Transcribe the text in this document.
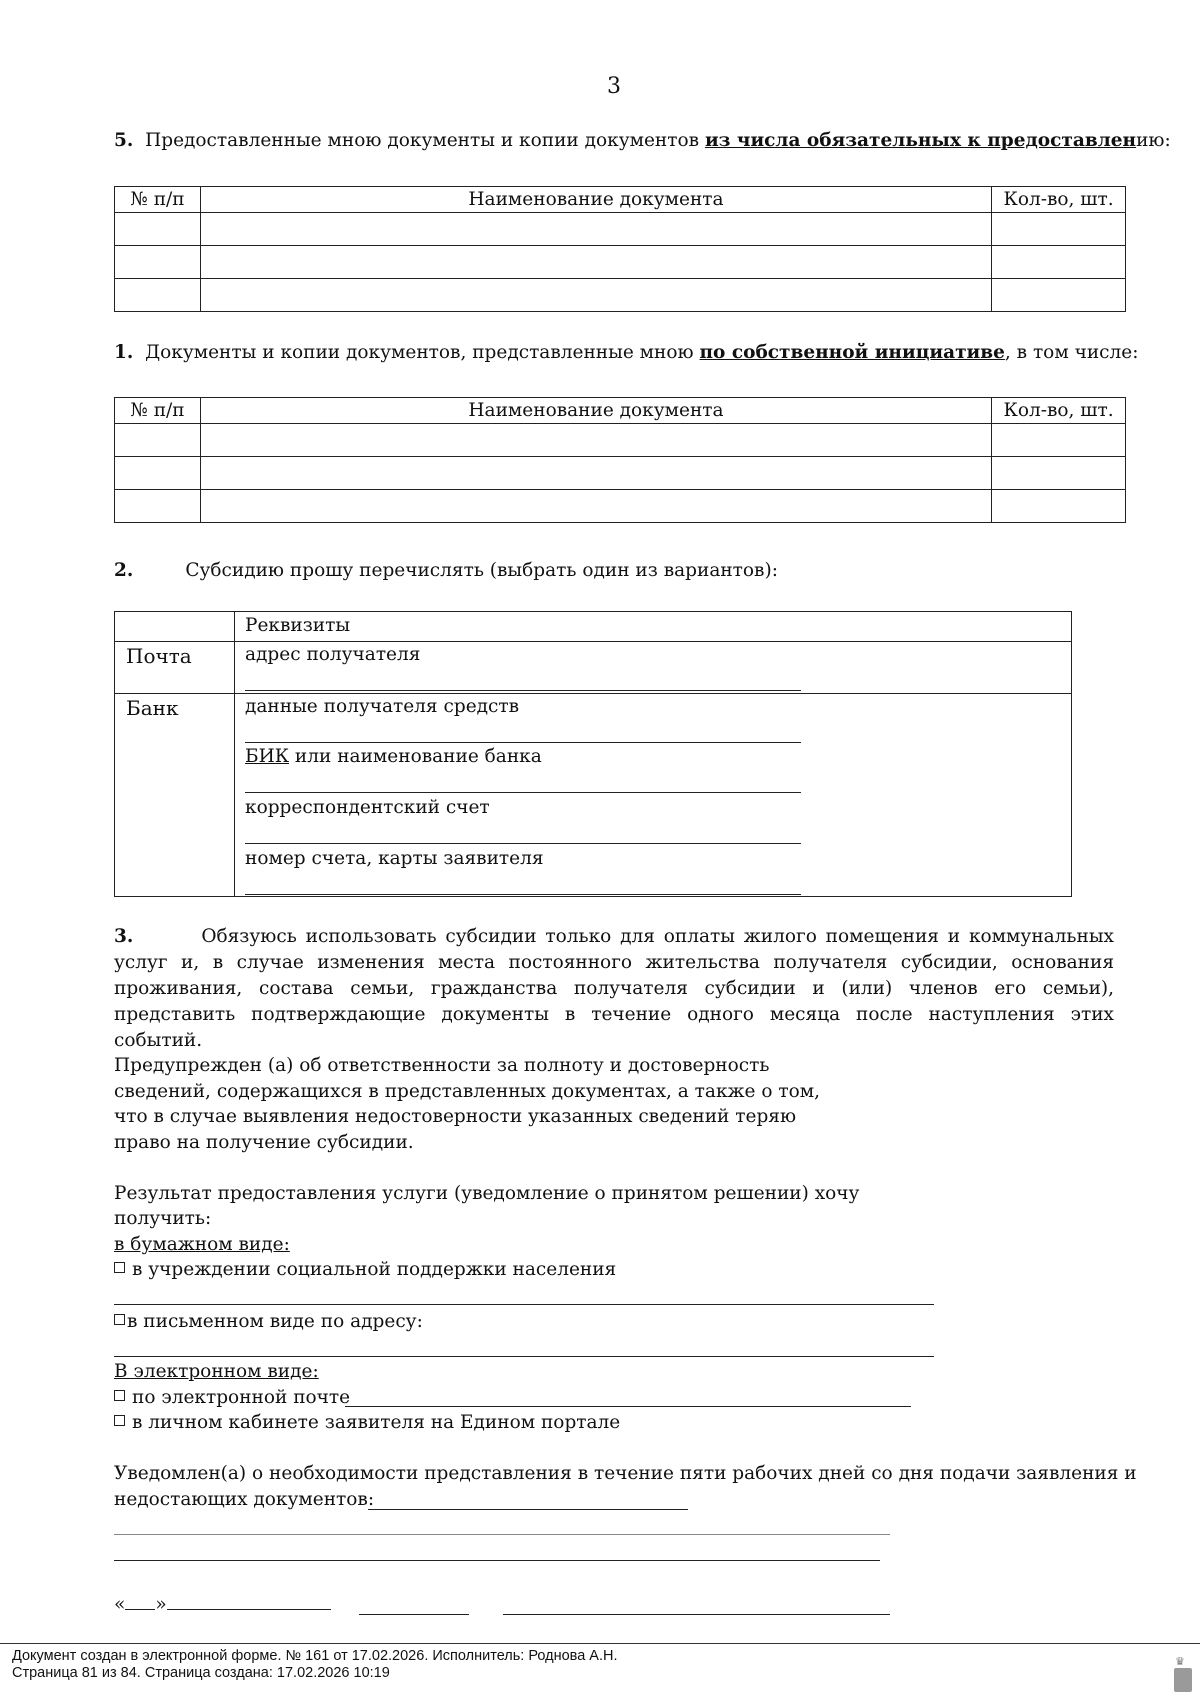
3
5. Предоставленные мною документы и копии документов из числа обязательных к предоставлению:
№ п/п	Наименование документа	Кол-во, шт.

1. Документы и копии документов, представленные мною по собственной инициативе, в том числе:
№ п/п	Наименование документа	Кол-во, шт.

2.	Субсидию прошу перечислять (выбрать один из вариантов):
Реквизиты
Почта	адрес получателя
Банк	данные получателя средств
БИК или наименование банка
корреспондентский счет
номер счета, карты заявителя
3.	Обязуюсь использовать субсидии только для оплаты жилого помещения и коммунальных услуг и, в случае изменения места постоянного жительства получателя субсидии, основания проживания, состава семьи, гражданства получателя субсидии и (или) членов его семьи), представить подтверждающие документы в течение одного месяца после наступления этих событий.
Предупрежден (а) об ответственности за полноту и достоверность
сведений, содержащихся в представленных документах, а также о том,
что в случае выявления недостоверности указанных сведений теряю
право на получение субсидии.
Результат предоставления услуги (уведомление о принятом решении) хочу
получить:
в бумажном виде:
в учреждении социальной поддержки населения
в письменном виде по адресу:
В электронном виде:
по электронной почте
в личном кабинете заявителя на Едином портале
Уведомлен(а) о необходимости представления в течение пяти рабочих дней со дня подачи заявления и
недостающих документов:
« »
Документ создан в электронной форме. № 161 от 17.02.2026. Исполнитель: Роднова А.Н.
Страница 81 из 84. Страница создана: 17.02.2026 10:19
♛
